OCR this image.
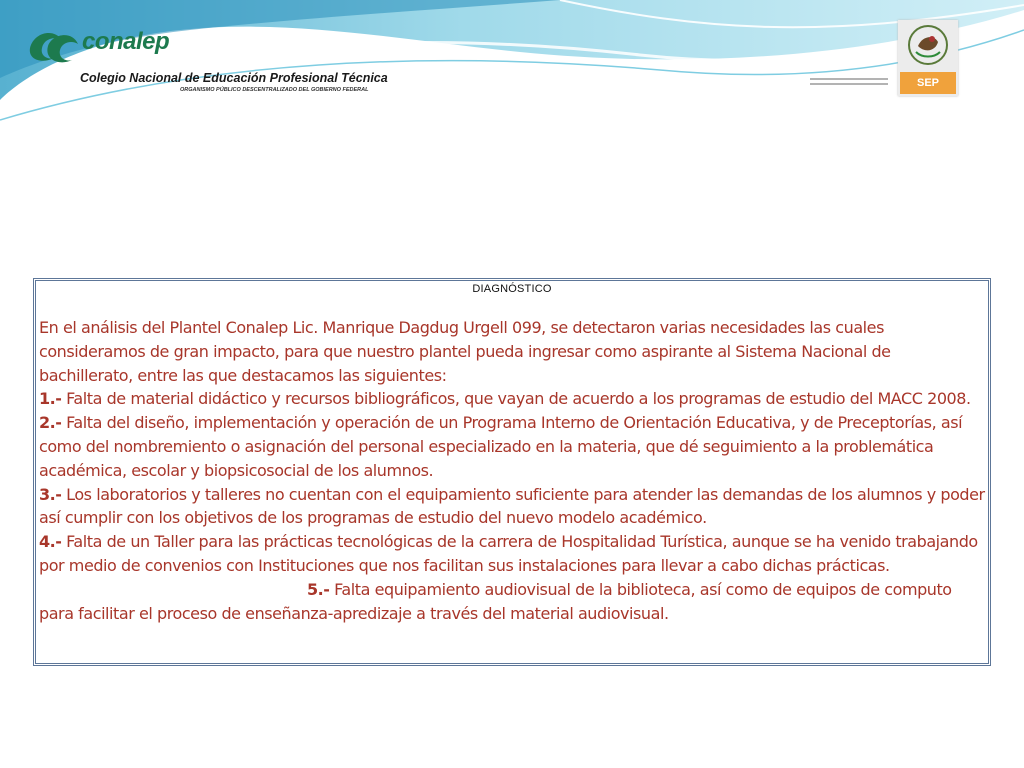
conalep
Colegio Nacional de Educación Profesional Técnica
ORGANISMO PÚBLICO DESCENTRALIZADO DEL GOBIERNO FEDERAL
SEP
DIAGNÓSTICO

En el análisis del Plantel Conalep Lic. Manrique Dagdug Urgell 099, se detectaron varias necesidades las cuales consideramos de gran impacto, para que nuestro plantel pueda ingresar como aspirante al Sistema Nacional de bachillerato, entre las que destacamos las siguientes:

1.- Falta de material didáctico y recursos bibliográficos, que vayan de acuerdo a los programas de estudio del MACC 2008.

2.- Falta del diseño, implementación y operación de un Programa Interno de Orientación Educativa, y de Preceptorías, así como del nombremiento o asignación del personal especializado en la materia, que dé seguimiento a la problemática académica, escolar y biopsicosocial de los alumnos.

3.- Los laboratorios y talleres no cuentan con el equipamiento suficiente para atender las demandas de los alumnos y poder así cumplir con los objetivos de los programas de estudio del nuevo modelo académico.

4.- Falta de un Taller para las prácticas tecnológicas de la carrera de Hospitalidad Turística, aunque se ha venido trabajando por medio de convenios con Instituciones que nos facilitan sus instalaciones para llevar a cabo dichas prácticas.5.- Falta equipamiento audiovisual de la biblioteca, así como de equipos de computo para facilitar el proceso de enseñanza-apredizaje a través del material audiovisual.
